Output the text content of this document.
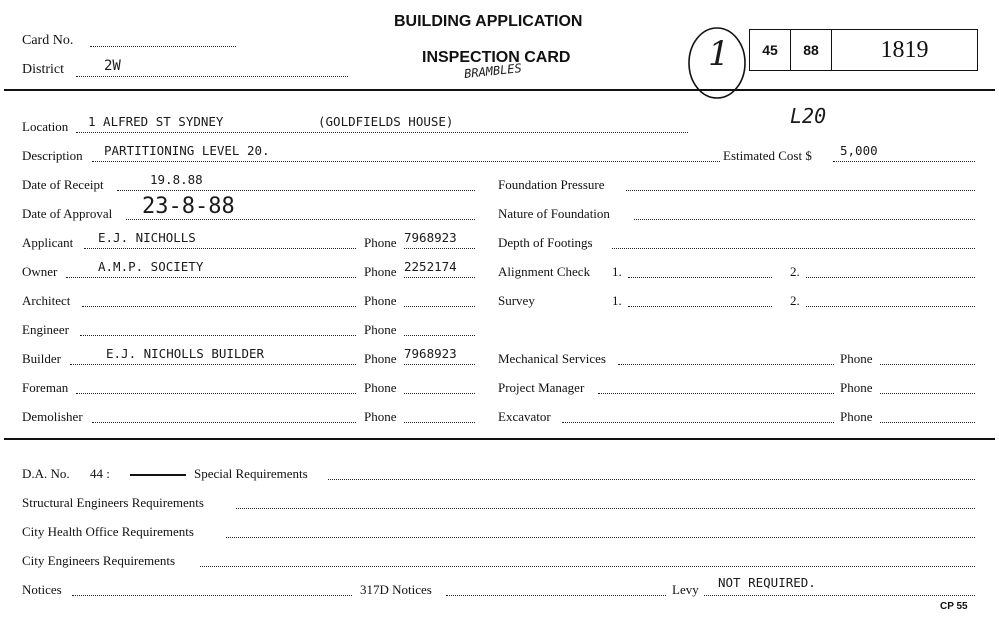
Card No.
District	2W
BUILDING APPLICATION
INSPECTION CARD
BRAMBLES	1 45 88	1819
Location 1 ALFRED ST SYDNEY	(GOLDFIELDS HOUSE)	L20
Description PARTITIONING LEVEL 20.	Estimated Cost $ 5,000
Date of Receipt	19.8.88	Foundation Pressure
Date of Approval 23-8-88	Nature of Foundation
Applicant E.J. NICHOLLS	Phone 7968923	Depth of Footings
Owner	A.M.P. SOCIETY	Phone 2252174	Alignment Check 1.	2.
Architect	Phone	Survey	1.	2.
Engineer	Phone
Builder	E.J. NICHOLLS BUILDER	Phone 7968923	Mechanical Services	Phone
Foreman	Phone	Project Manager	Phone
Demolisher	Phone	Excavator	Phone
D.A. No. 44 :	Special Requirements
Structural Engineers Requirements
City Health Office Requirements
City Engineers Requirements
Notices	317D Notices	Levy NOT REQUIRED.
CP 55
